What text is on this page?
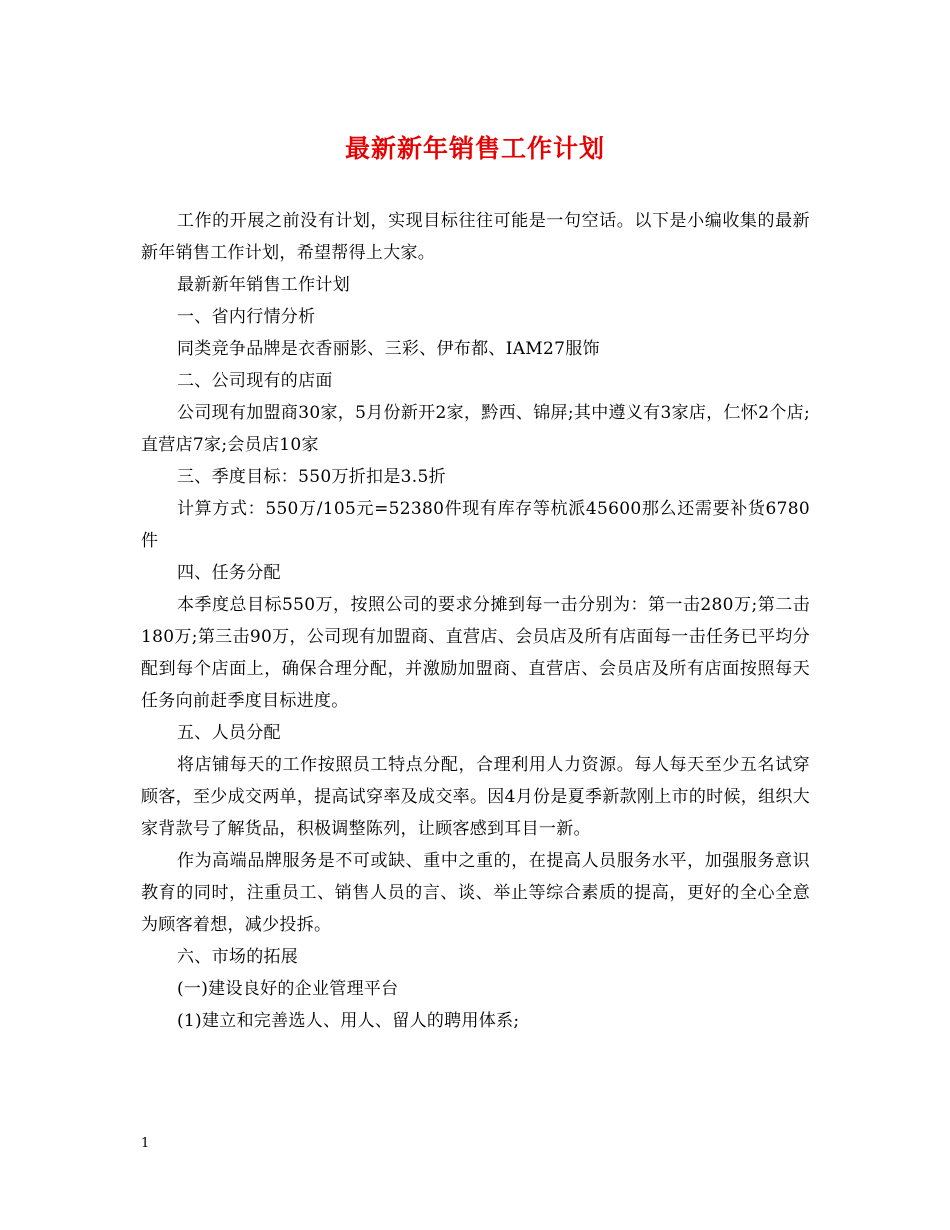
最新新年销售工作计划

工作的开展之前没有计划，实现目标往往可能是一句空话。以下是小编收集的最新新年销售工作计划，希望帮得上大家。

最新新年销售工作计划

一、省内行情分析

同类竞争品牌是衣香丽影、三彩、伊布都、IAM27服饰

二、公司现有的店面

公司现有加盟商30家，5月份新开2家，黔西、锦屏;其中遵义有3家店，仁怀2个店;直营店7家;会员店10家

三、季度目标：550万折扣是3.5折

计算方式：550万/105元=52380件现有库存等杭派45600那么还需要补货6780件

四、任务分配

本季度总目标550万，按照公司的要求分摊到每一击分别为：第一击280万;第二击180万;第三击90万，公司现有加盟商、直营店、会员店及所有店面每一击任务已平均分配到每个店面上，确保合理分配，并激励加盟商、直营店、会员店及所有店面按照每天任务向前赶季度目标进度。

五、人员分配

将店铺每天的工作按照员工特点分配，合理利用人力资源。每人每天至少五名试穿顾客，至少成交两单，提高试穿率及成交率。因4月份是夏季新款刚上市的时候，组织大家背款号了解货品，积极调整陈列，让顾客感到耳目一新。

作为高端品牌服务是不可或缺、重中之重的，在提高人员服务水平，加强服务意识教育的同时，注重员工、销售人员的言、谈、举止等综合素质的提高，更好的全心全意为顾客着想，减少投拆。

六、市场的拓展

(一)建设良好的企业管理平台

(1)建立和完善选人、用人、留人的聘用体系;

1
